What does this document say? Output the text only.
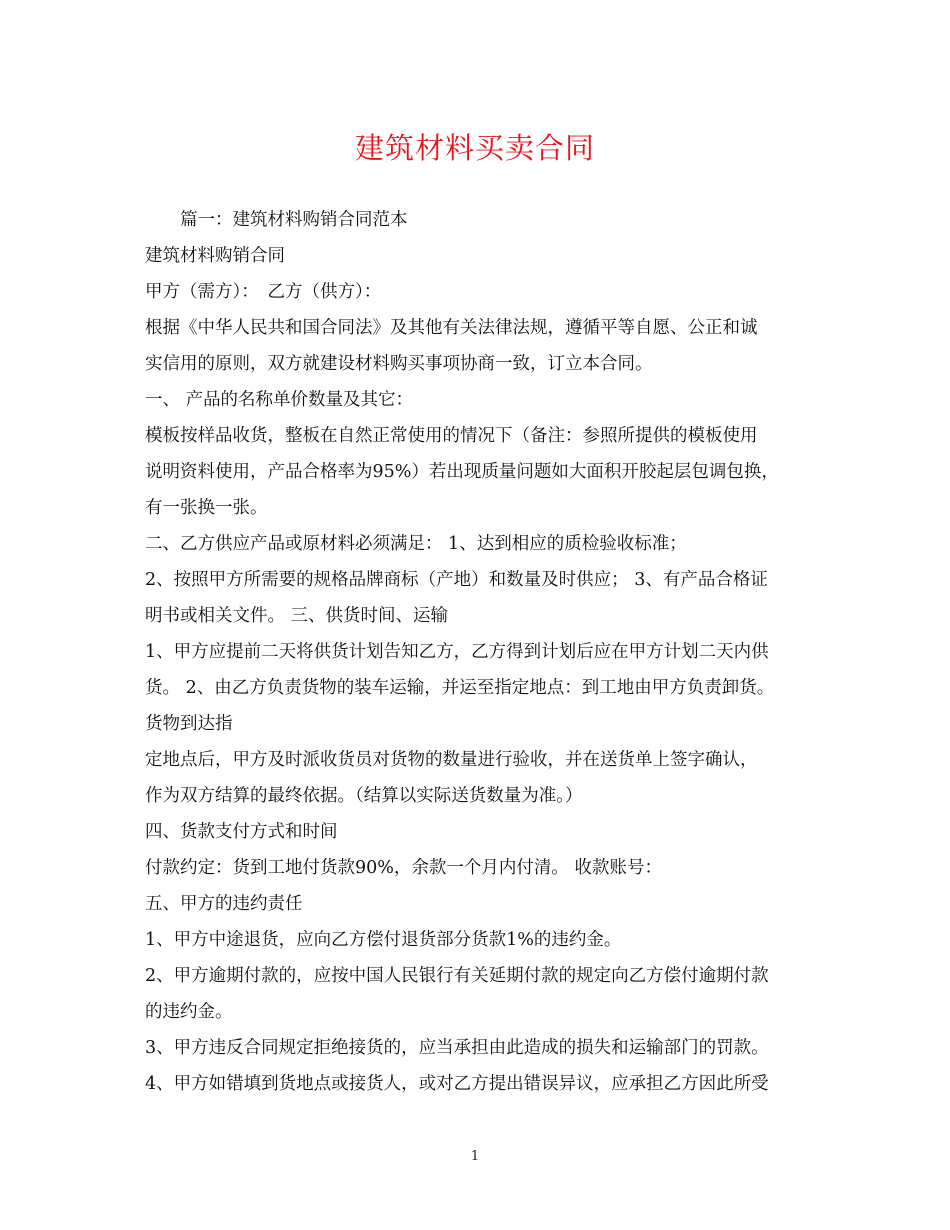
建筑材料买卖合同
篇一：建筑材料购销合同范本
建筑材料购销合同
甲方（需方）：　乙方（供方）：
根据《中华人民共和国合同法》及其他有关法律法规，遵循平等自愿、公正和诚
实信用的原则，双方就建设材料购买事项协商一致，订立本合同。
一、 产品的名称单价数量及其它：
模板按样品收货，整板在自然正常使用的情况下（备注：参照所提供的模板使用
说明资料使用，产品合格率为95%）若出现质量问题如大面积开胶起层包调包换，
有一张换一张。
二、乙方供应产品或原材料必须满足： 1、达到相应的质检验收标准；
2、按照甲方所需要的规格品牌商标（产地）和数量及时供应； 3、有产品合格证
明书或相关文件。 三、供货时间、运输
1、甲方应提前二天将供货计划告知乙方，乙方得到计划后应在甲方计划二天内供
货。 2、由乙方负责货物的装车运输，并运至指定地点：到工地由甲方负责卸货。
货物到达指
定地点后，甲方及时派收货员对货物的数量进行验收，并在送货单上签字确认，
作为双方结算的最终依据。（结算以实际送货数量为准。）
四、货款支付方式和时间
付款约定：货到工地付货款90%，余款一个月内付清。 收款账号：
五、甲方的违约责任
1、甲方中途退货，应向乙方偿付退货部分货款1%的违约金。
2、甲方逾期付款的，应按中国人民银行有关延期付款的规定向乙方偿付逾期付款
的违约金。
3、甲方违反合同规定拒绝接货的，应当承担由此造成的损失和运输部门的罚款。
4、甲方如错填到货地点或接货人，或对乙方提出错误异议，应承担乙方因此所受
1
